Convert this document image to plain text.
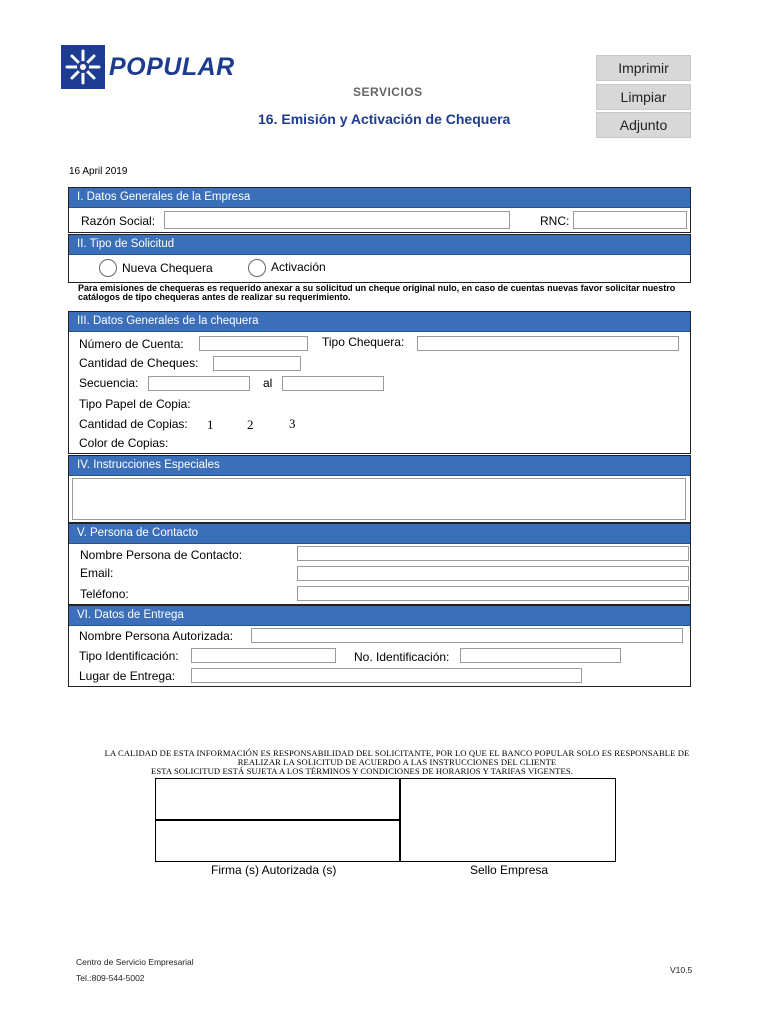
POPULAR
SERVICIOS
16. Emisión y Activación de Chequera
Imprimir
Limpiar
Adjunto
16 April 2019
I. Datos Generales de la Empresa
Razón Social:	RNC:
II. Tipo de Solicitud
Nueva Chequera	Activación
Para emisiones de chequeras es requerido anexar a su solicitud un cheque original nulo, en caso de cuentas nuevas favor solicitar nuestro catálogos de tipo chequeras antes de realizar su requerimiento.
III. Datos Generales de la chequera
Número de Cuenta:	Tipo Chequera:
Cantidad de Cheques:
Secuencia:	al
Tipo Papel de Copia:
Cantidad de Copias: 1	2	3
Color de Copias:
IV. Instrucciones Especiales
V. Persona de Contacto
Nombre Persona de Contacto:
Email:
Teléfono:
VI. Datos de Entrega
Nombre Persona Autorizada:
Tipo Identificación:	No. Identificación:
Lugar de Entrega:
LA CALIDAD DE ESTA INFORMACIÓN ES RESPONSABILIDAD DEL SOLICITANTE, POR LO QUE EL BANCO POPULAR SOLO ES RESPONSABLE DE
REALIZAR LA SOLICITUD DE ACUERDO A LAS INSTRUCCIONES DEL CLIENTE
ESTA SOLICITUD ESTÁ SUJETA A LOS TÉRMINOS Y CONDICIONES DE HORARIOS Y TARIFAS VIGENTES.
Firma (s) Autorizada (s)	Sello Empresa
Centro de Servicio Empresarial
Tel.:809-544-5002
V10.5
